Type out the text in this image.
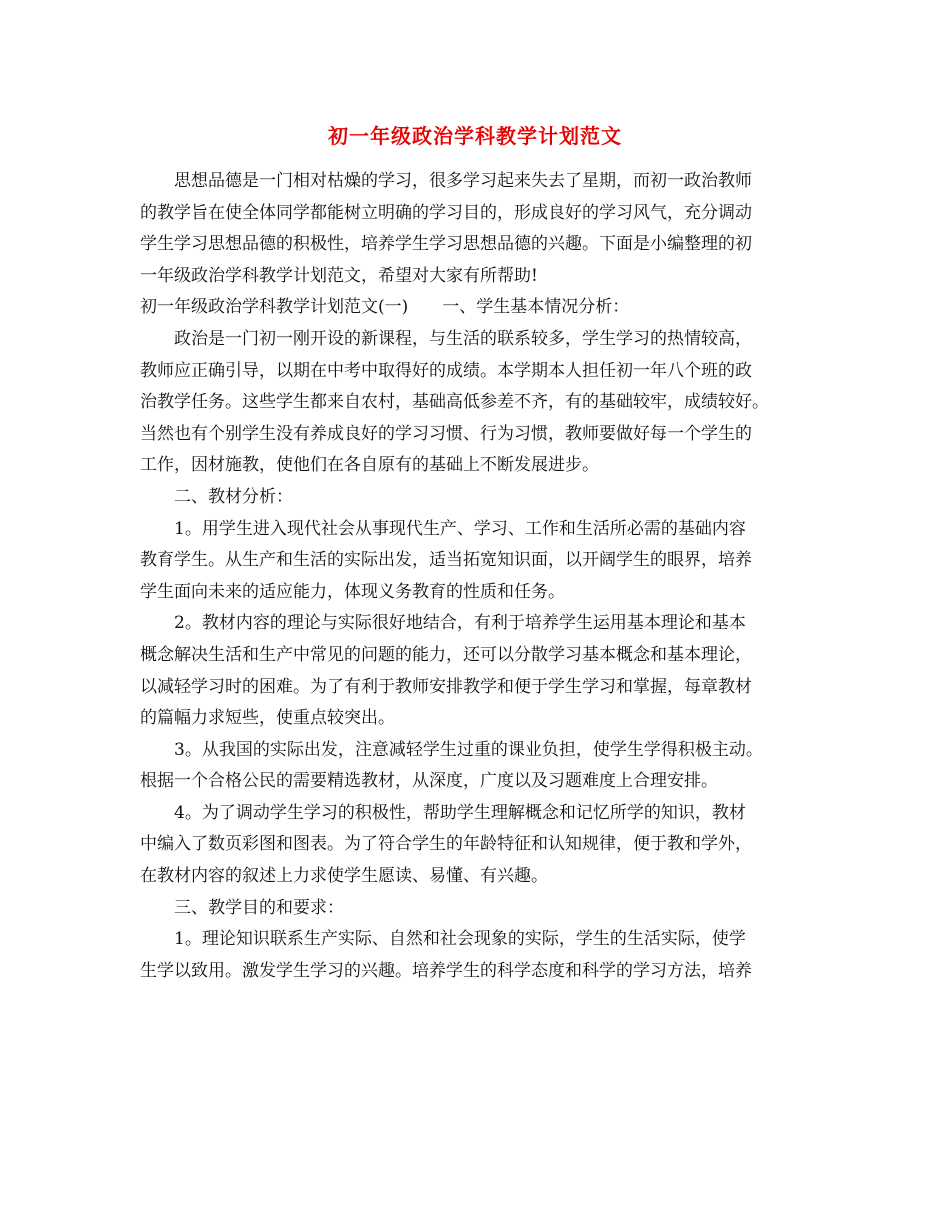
初一年级政治学科教学计划范文
思想品德是一门相对枯燥的学习，很多学习起来失去了星期，而初一政治教师
的教学旨在使全体同学都能树立明确的学习目的，形成良好的学习风气，充分调动
学生学习思想品德的积极性，培养学生学习思想品德的兴趣。下面是小编整理的初
一年级政治学科教学计划范文，希望对大家有所帮助!
初一年级政治学科教学计划范文(一) 一、学生基本情况分析：
政治是一门初一刚开设的新课程，与生活的联系较多，学生学习的热情较高，
教师应正确引导，以期在中考中取得好的成绩。本学期本人担任初一年八个班的政
治教学任务。这些学生都来自农村，基础高低参差不齐，有的基础较牢，成绩较好。
当然也有个别学生没有养成良好的学习习惯、行为习惯，教师要做好每一个学生的
工作，因材施教，使他们在各自原有的基础上不断发展进步。
二、教材分析：
1。用学生进入现代社会从事现代生产、学习、工作和生活所必需的基础内容
教育学生。从生产和生活的实际出发，适当拓宽知识面，以开阔学生的眼界，培养
学生面向未来的适应能力，体现义务教育的性质和任务。
2。教材内容的理论与实际很好地结合，有利于培养学生运用基本理论和基本
概念解决生活和生产中常见的问题的能力，还可以分散学习基本概念和基本理论，
以减轻学习时的困难。为了有利于教师安排教学和便于学生学习和掌握，每章教材
的篇幅力求短些，使重点较突出。
3。从我国的实际出发，注意减轻学生过重的课业负担，使学生学得积极主动。
根据一个合格公民的需要精选教材，从深度，广度以及习题难度上合理安排。
4。为了调动学生学习的积极性，帮助学生理解概念和记忆所学的知识，教材
中编入了数页彩图和图表。为了符合学生的年龄特征和认知规律，便于教和学外，
在教材内容的叙述上力求使学生愿读、易懂、有兴趣。
三、教学目的和要求：
1。理论知识联系生产实际、自然和社会现象的实际，学生的生活实际，使学
生学以致用。激发学生学习的兴趣。培养学生的科学态度和科学的学习方法，培养
